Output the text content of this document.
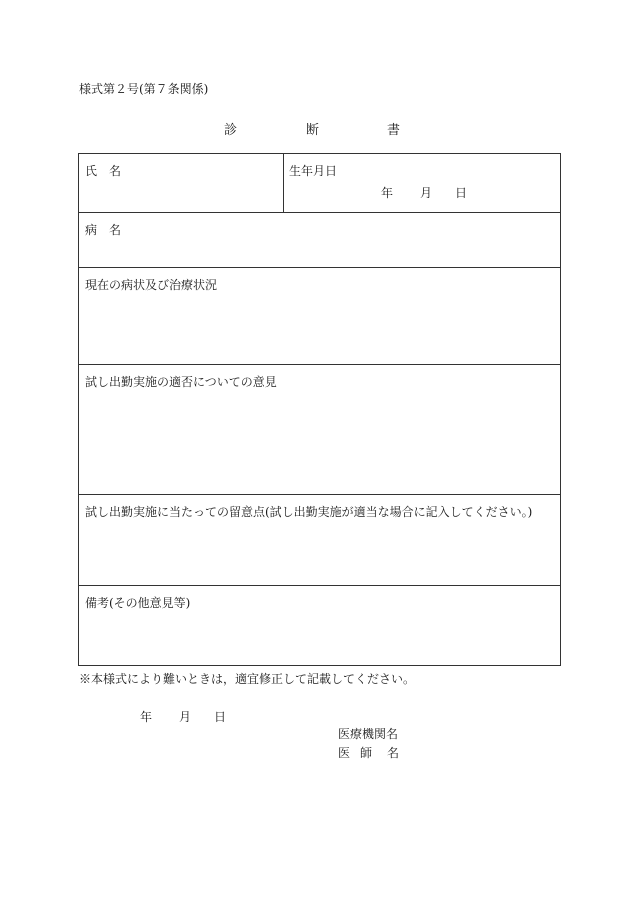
様式第２号(第７条関係)
診	断	書
氏 名	生年月日
年 月 日
病 名
現在の病状及び治療状況
試し出勤実施の適否についての意見
試し出勤実施に当たっての留意点(試し出勤実施が適当な場合に記入してください。)
備考(その他意見等)
※本様式により難いときは，適宜修正して記載してください。
年 月 日
医療機関名
医 師 名
